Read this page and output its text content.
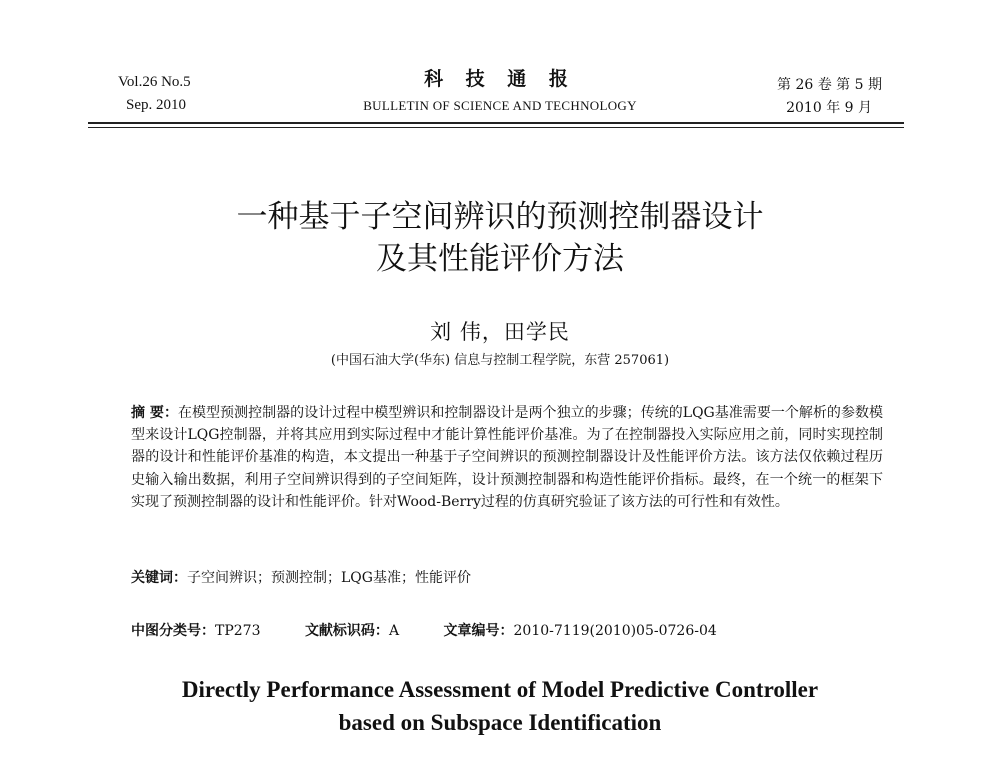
Vol.26 No.5
Sep. 2010
科 技 通 报
BULLETIN OF SCIENCE AND TECHNOLOGY
第 26 卷 第 5 期
2010 年 9 月
一种基于子空间辨识的预测控制器设计
及其性能评价方法
刘 伟，田学民
(中国石油大学(华东) 信息与控制工程学院，东营 257061)
摘 要：在模型预测控制器的设计过程中模型辨识和控制器设计是两个独立的步骤；传统的LQG基准需要一个解析的参数模型来设计LQG控制器，并将其应用到实际过程中才能计算性能评价基准。为了在控制器投入实际应用之前，同时实现控制器的设计和性能评价基准的构造，本文提出一种基于子空间辨识的预测控制器设计及性能评价方法。该方法仅依赖过程历史输入输出数据，利用子空间辨识得到的子空间矩阵，设计预测控制器和构造性能评价指标。最终，在一个统一的框架下实现了预测控制器的设计和性能评价。针对Wood-Berry过程的仿真研究验证了该方法的可行性和有效性。
关键词：子空间辨识；预测控制；LQG基准；性能评价
中图分类号：TP273	文献标识码：A	文章编号：2010-7119(2010)05-0726-04
Directly Performance Assessment of Model Predictive Controller
based on Subspace Identification
